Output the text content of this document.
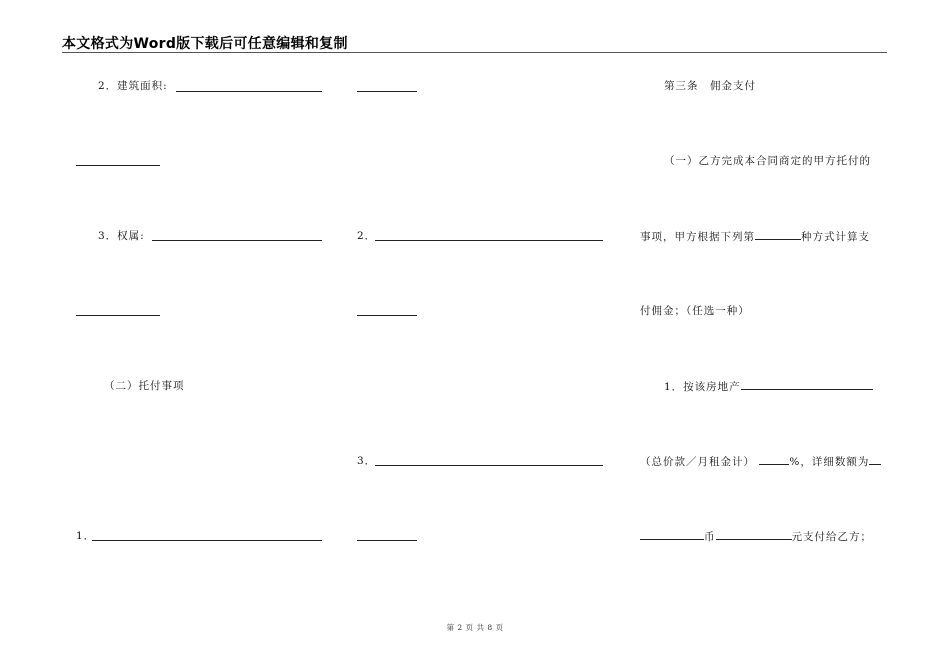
本文格式为Word版下载后可任意编辑和复制
2．建筑面积:
3．权属:
（二）托付事项
1．
2．
3．
第三条　佣金支付
（一）乙方完成本合同商定的甲方托付的
事项，甲方根据下列第	种方式计算支
付佣金；（任选一种）
1．按该房地产
（总价款／月租金计）	%，详细数额为
币	元支付给乙方；
第 2 页 共 8 页
